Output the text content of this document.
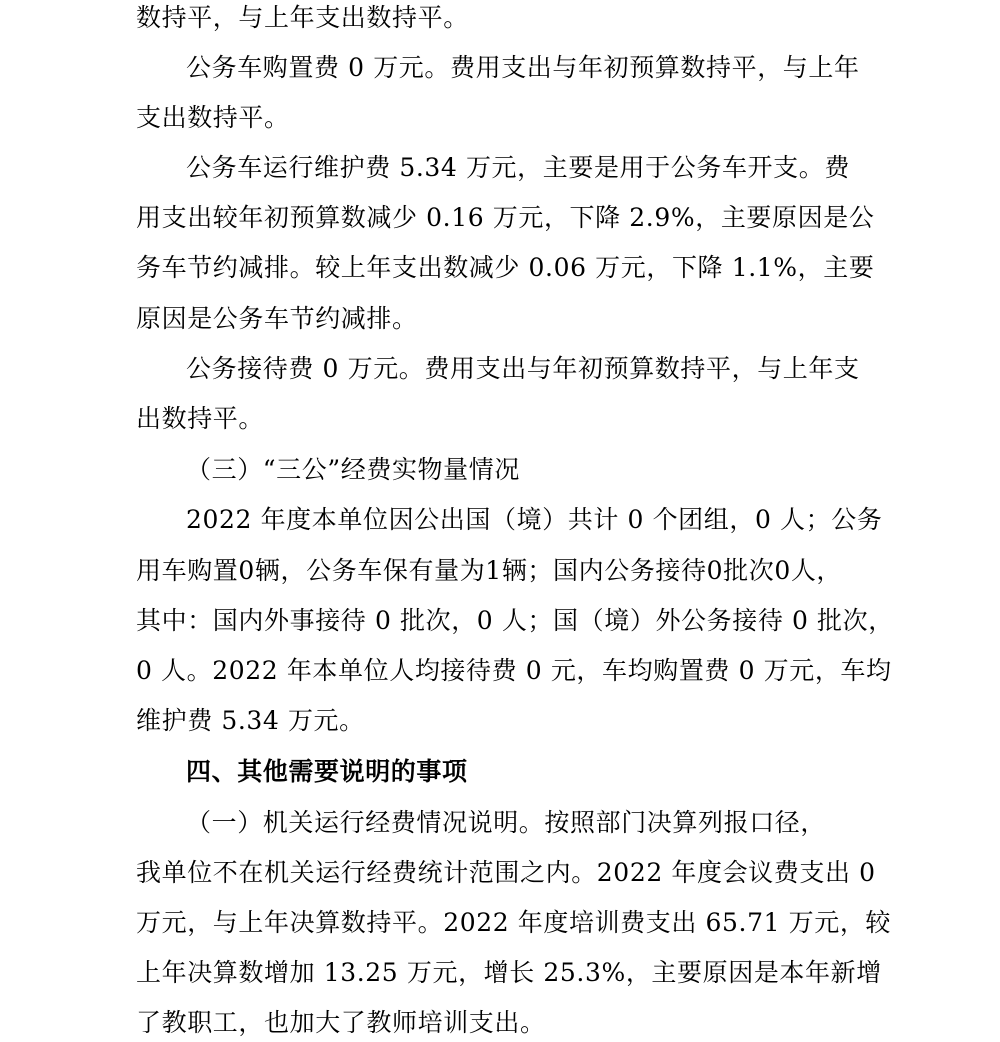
数持平，与上年支出数持平。
公务车购置费 0 万元。费用支出与年初预算数持平，与上年
支出数持平。
公务车运行维护费 5.34 万元，主要是用于公务车开支。费
用支出较年初预算数减少 0.16 万元，下降 2.9%，主要原因是公
务车节约减排。较上年支出数减少 0.06 万元，下降 1.1%，主要
原因是公务车节约减排。
公务接待费 0 万元。费用支出与年初预算数持平，与上年支
出数持平。
（三）“三公”经费实物量情况
2022 年度本单位因公出国（境）共计 0 个团组，0 人；公务
用车购置0辆，公务车保有量为1辆；国内公务接待0批次0人，
其中：国内外事接待 0 批次，0 人；国（境）外公务接待 0 批次，
0 人。2022 年本单位人均接待费 0 元，车均购置费 0 万元，车均
维护费 5.34 万元。
四、其他需要说明的事项
（一）机关运行经费情况说明。按照部门决算列报口径，
我单位不在机关运行经费统计范围之内。2022 年度会议费支出 0
万元，与上年决算数持平。2022 年度培训费支出 65.71 万元，较
上年决算数增加 13.25 万元，增长 25.3%，主要原因是本年新增
了教职工，也加大了教师培训支出。
